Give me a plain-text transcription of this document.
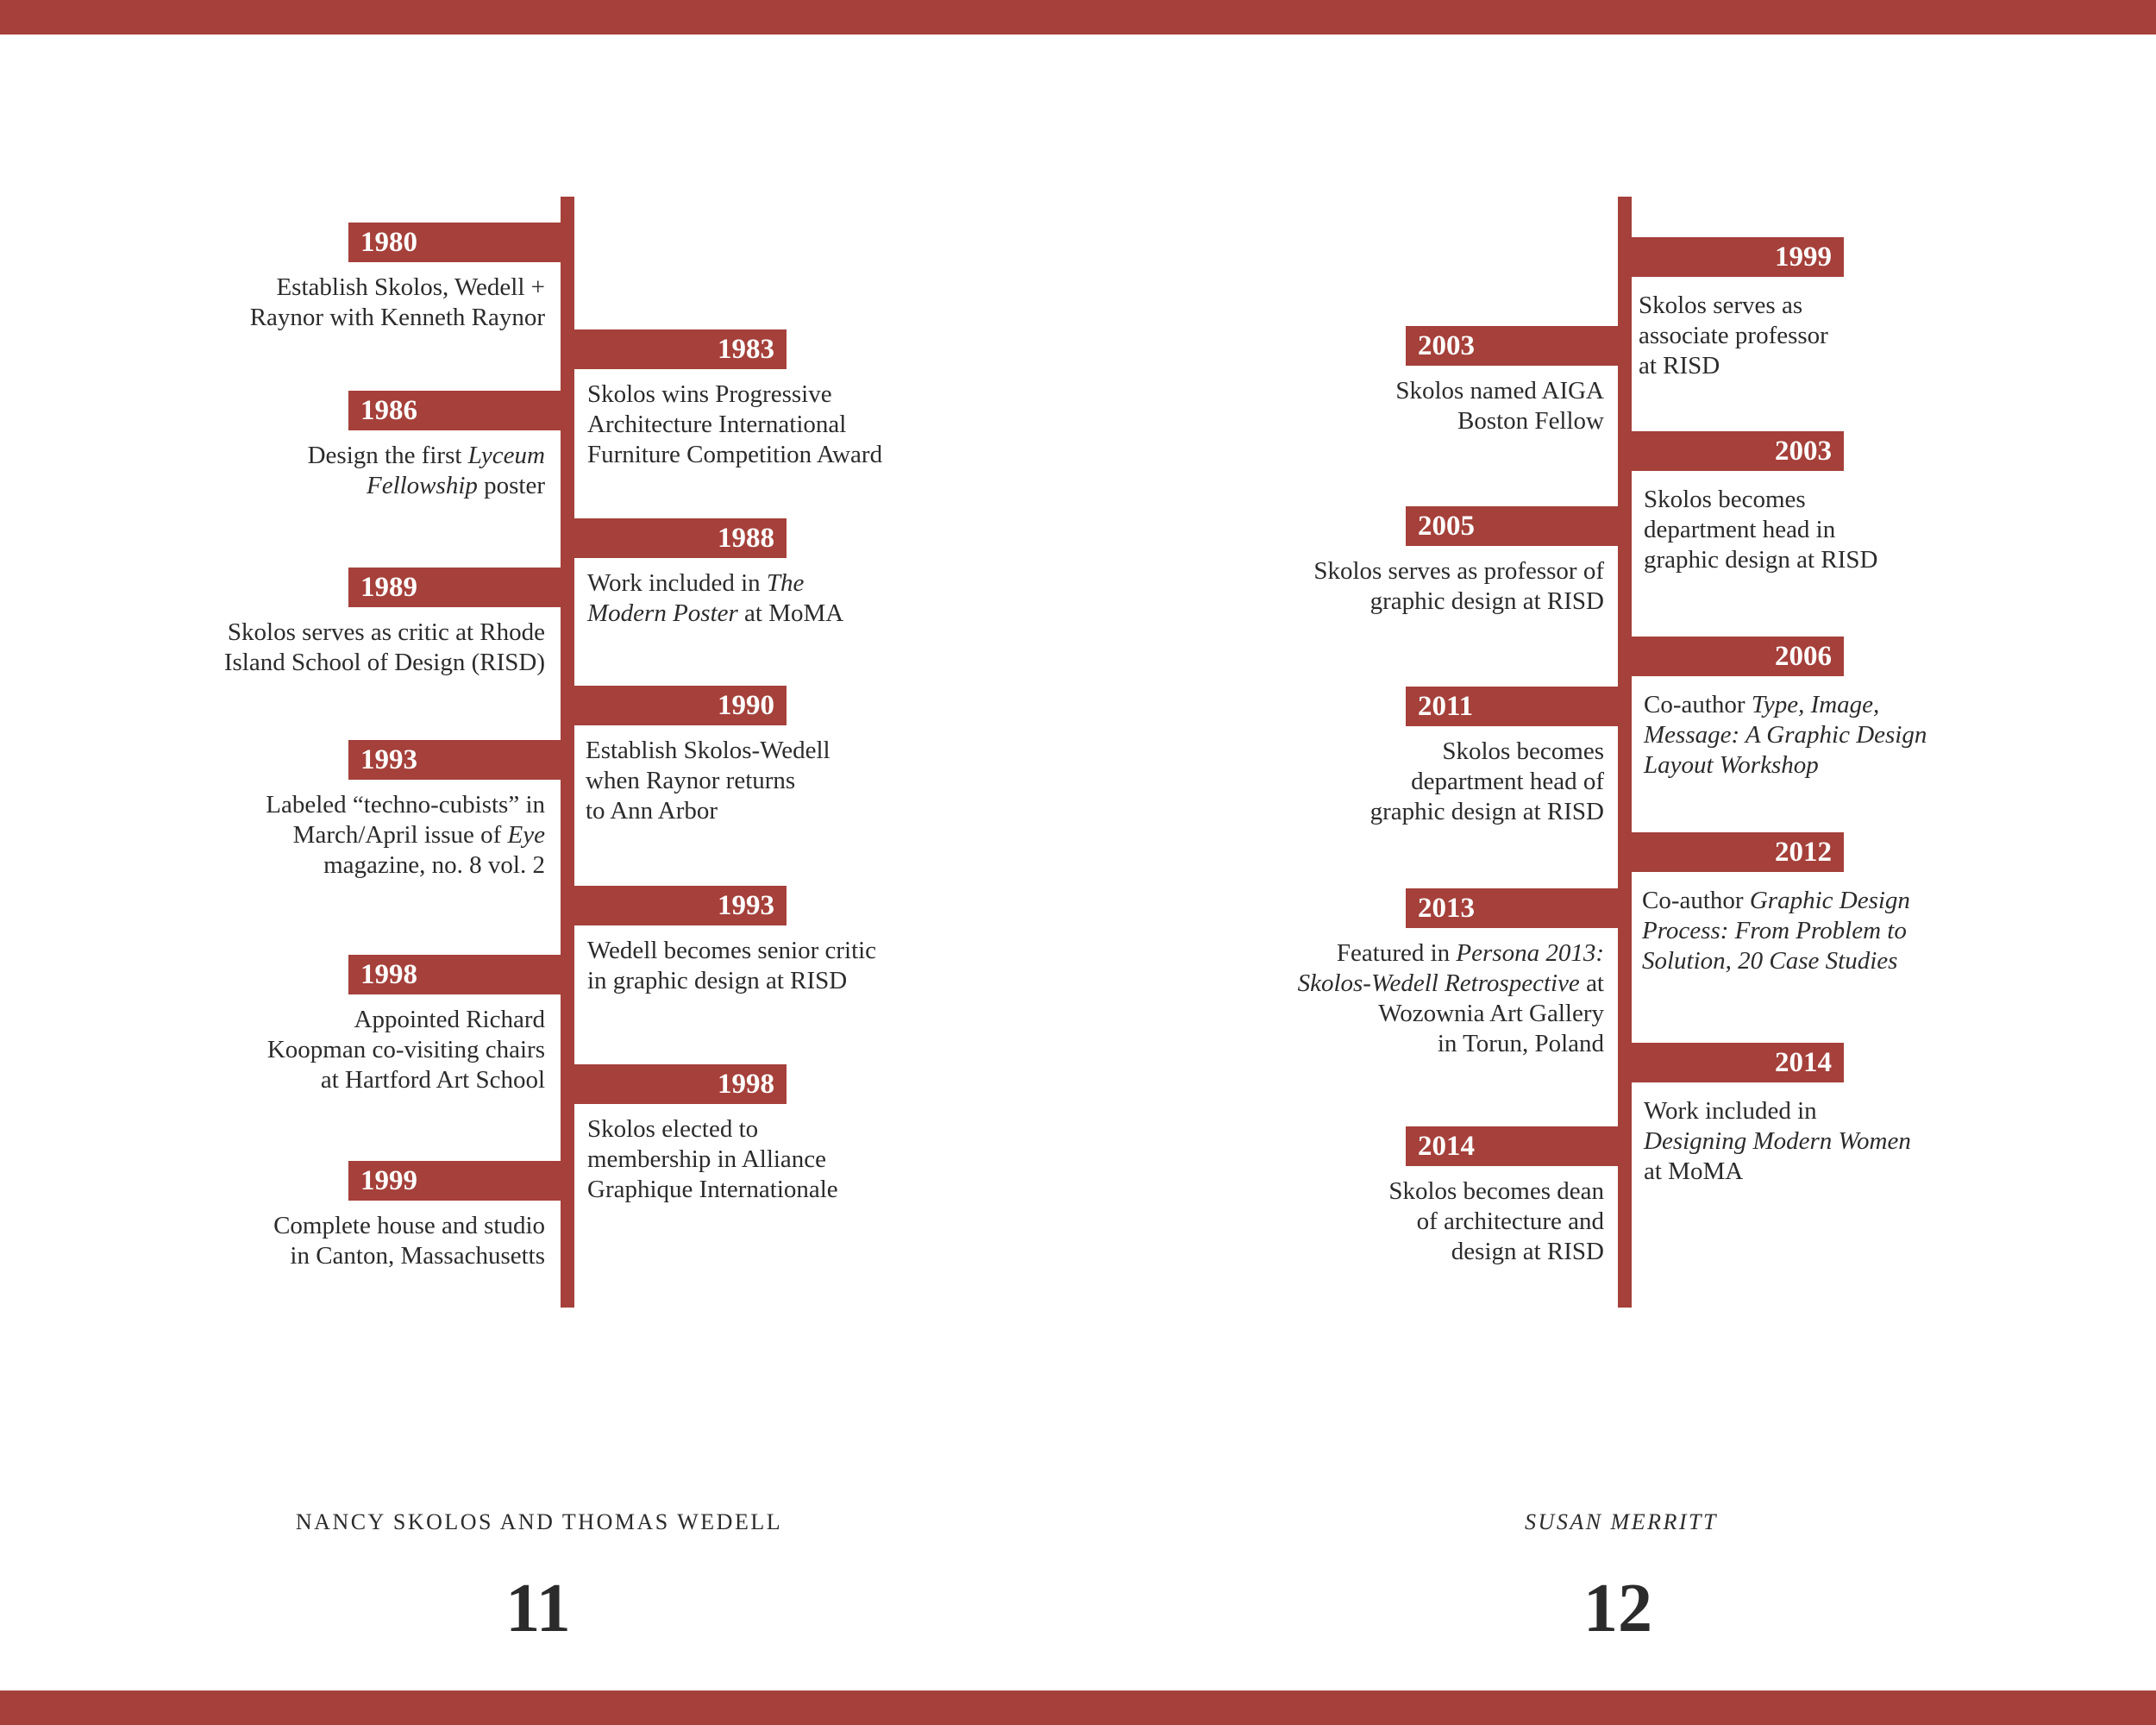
1980
Establish Skolos, Wedell +
Raynor with Kenneth Raynor
1986
Design the first Lyceum
Fellowship poster
1989
Skolos serves as critic at Rhode
Island School of Design (RISD)
1993
Labeled “techno-cubists” in
March/April issue of Eye
magazine, no. 8 vol. 2
1998
Appointed Richard
Koopman co-visiting chairs
at Hartford Art School
1999
Complete house and studio
in Canton, Massachusetts
1983
Skolos wins Progressive
Architecture International
Furniture Competition Award
1988
Work included in The
Modern Poster at MoMA
1990
Establish Skolos-Wedell
when Raynor returns
to Ann Arbor
1993
Wedell becomes senior critic
in graphic design at RISD
1998
Skolos elected to
membership in Alliance
Graphique Internationale
NANCY SKOLOS AND THOMAS WEDELL
11
2003
Skolos named AIGA
Boston Fellow
2005
Skolos serves as professor of
graphic design at RISD
2011
Skolos becomes
department head of
graphic design at RISD
2013
Featured in Persona 2013:
Skolos-Wedell Retrospective at
Wozownia Art Gallery
in Torun, Poland
2014
Skolos becomes dean
of architecture and
design at RISD
1999
Skolos serves as
associate professor
at RISD
2003
Skolos becomes
department head in
graphic design at RISD
2006
Co-author Type, Image,
Message: A Graphic Design
Layout Workshop
2012
Co-author Graphic Design
Process: From Problem to
Solution, 20 Case Studies
2014
Work included in
Designing Modern Women
at MoMA
SUSAN MERRITT
12
